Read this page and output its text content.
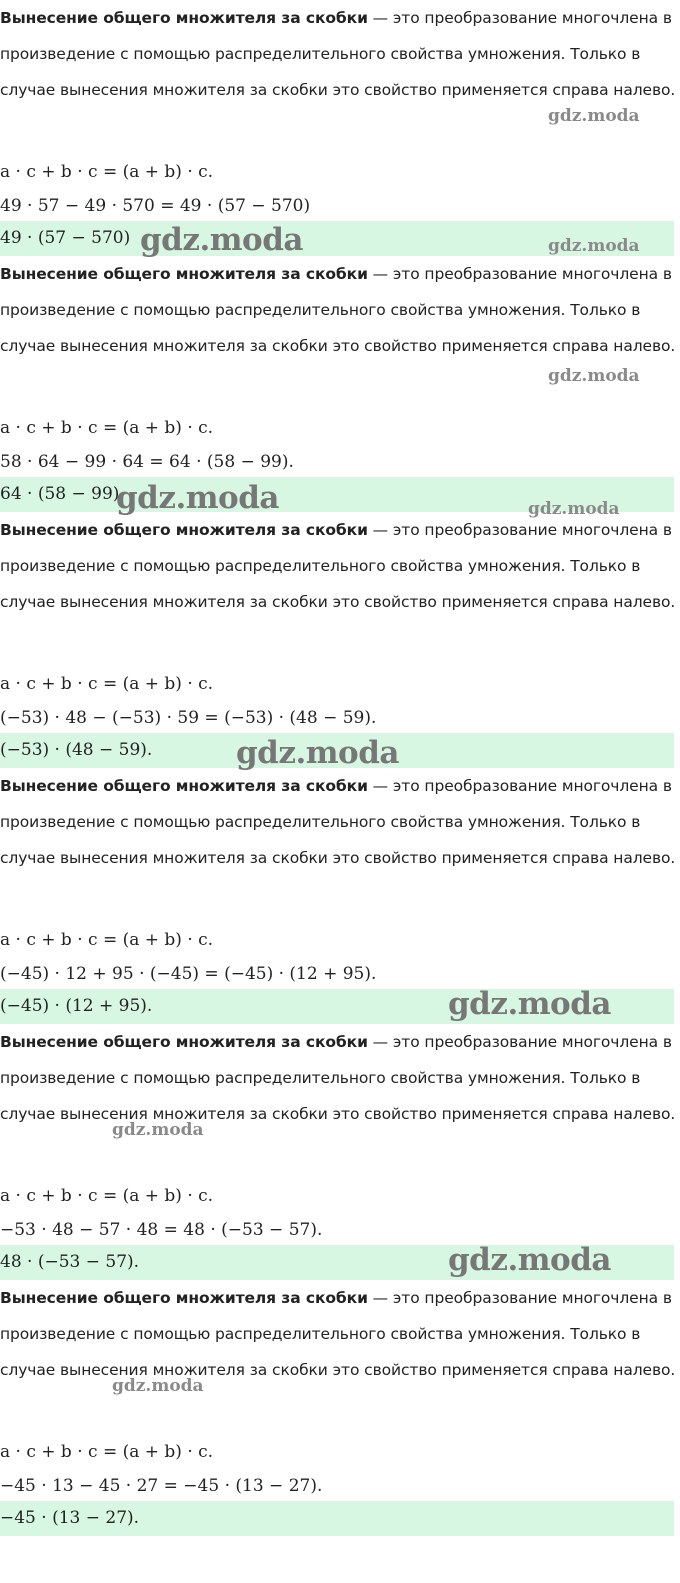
Вынесение общего множителя за скобки — это преобразование многочлена в произведение с помощью распределительного свойства умножения. Только в случае вынесения множителя за скобки это свойство применяется справа налево.

a · c + b · c = (a + b) · c.
49 · 57 − 49 · 570 = 49 · (57 − 570)
49 · (57 − 570)
gdz.moda
gdz.moda	gdz.moda

Вынесение общего множителя за скобки — это преобразование многочлена в произведение с помощью распределительного свойства умножения. Только в случае вынесения множителя за скобки это свойство применяется справа налево.

a · c + b · c = (a + b) · c.
58 · 64 − 99 · 64 = 64 · (58 − 99).
64 · (58 − 99).
gdz.moda
gdz.moda	gdz.moda

Вынесение общего множителя за скобки — это преобразование многочлена в произведение с помощью распределительного свойства умножения. Только в случае вынесения множителя за скобки это свойство применяется справа налево.

a · c + b · c = (a + b) · c.
(−53) · 48 − (−53) · 59 = (−53) · (48 − 59).
(−53) · (48 − 59).	gdz.moda

Вынесение общего множителя за скобки — это преобразование многочлена в произведение с помощью распределительного свойства умножения. Только в случае вынесения множителя за скобки это свойство применяется справа налево.

a · c + b · c = (a + b) · c.
(−45) · 12 + 95 · (−45) = (−45) · (12 + 95).
(−45) · (12 + 95).	gdz.moda

Вынесение общего множителя за скобки — это преобразование многочлена в произведение с помощью распределительного свойства умножения. Только в случае вынесения множителя за скобки это свойство применяется справа налево.

a · c + b · c = (a + b) · c.
−53 · 48 − 57 · 48 = 48 · (−53 − 57).
48 · (−53 − 57).
gdz.moda
gdz.moda

Вынесение общего множителя за скобки — это преобразование многочлена в произведение с помощью распределительного свойства умножения. Только в случае вынесения множителя за скобки это свойство применяется справа налево.

a · c + b · c = (a + b) · c.
−45 · 13 − 45 · 27 = −45 · (13 − 27).
−45 · (13 − 27).
gdz.moda
